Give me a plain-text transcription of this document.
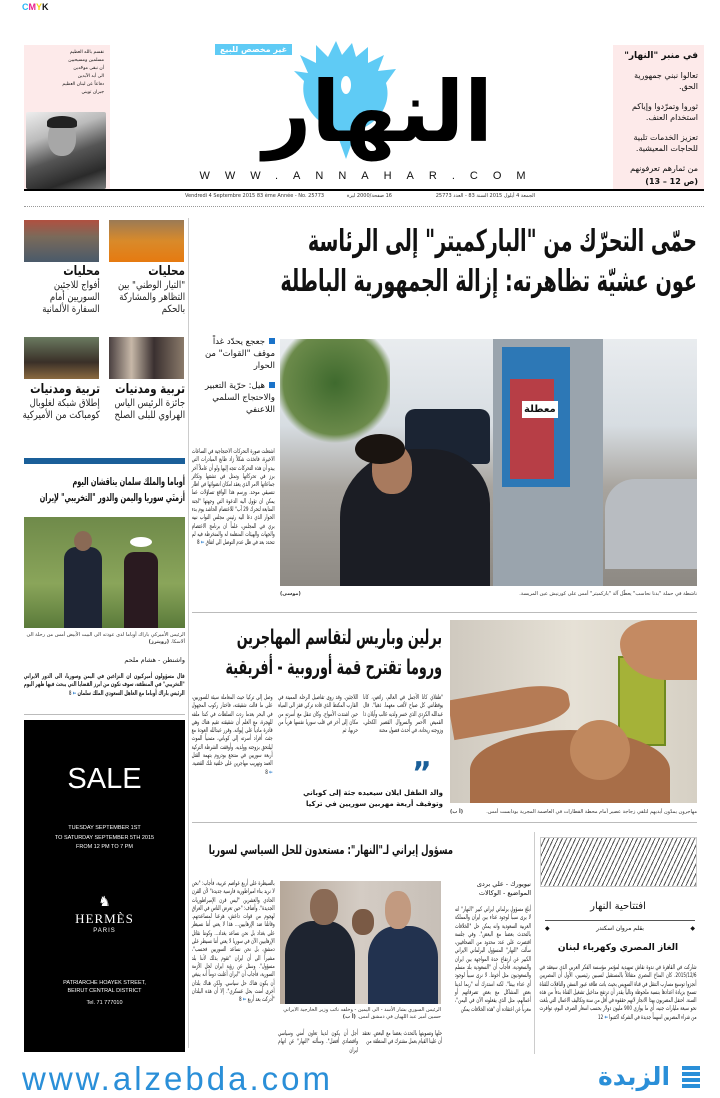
CMYK
نقسم بالله العظيم
مسلمين ومسيحيين
أن نبقى موحّدين
الى أبد الآبدين
دفاعاً عن لبنان العظيم
جبران تويني	النهار
غير مخصص للبيع
WWW.ANNAHAR.COM
في منبر "النهار"

تعالوا نبني جمهورية الحق.

ثوروا وتمرّدوا وإياكم استخدام العنف.

تعزيز الخدمات تلبية للحاجات المعيشية.

من ثمارهم تعرفونهم

(ص 12 – 13)
Vendredi 4 Septembre 2015 83 ème Année - No. 25773	16 صفحة/2000 ليرة	الجمعة 4 أيلول 2015 السنة 83 - العدد 25773
محليات
"التيار الوطني" بين التظاهر والمشاركة بالحكم
محليات
أفواج للاجئين السوريين أمام السفارة الألمانية
تربية ومدنيات
جائزة الرئيس الياس الهراوي للبلى الصلح
تربية ومدنيات
إطلاق شبكة لغلوبال كومباكت من الأميركية
أوباما والملك سلمان يناقشان اليوم
أزمتَي سوريا واليمن والدور "التخريبي" لإيران
الرئيس الأميركي باراك أوباما لدى عودته الى البيت الأبيض أمس من رحلة الى ألاسكا. (رويترز)
واشنطن - هشام ملحم
قال مسؤولون أميركيون ان النزاعين في اليمن وسوريا، الى الدور الايراني "التخريبي" في المنطقة، سوف تكون من ابرز القضايا التي يبحث فيها ظهر اليوم الرئيس باراك أوباما مع العاهل السعودي الملك سلمان ← 8
SALE
TUESDAY SEPTEMBER 1ST
TO SATURDAY SEPTEMBER 5TH 2015
FROM 12 PM TO 7 PM
♞
HERMÈS
PARIS
PATRIARCHE HOAYEK STREET,
BEIRUT CENTRAL DISTRICT
Tel. 71 777010
حمّى التحرّك من "الباركميتر" إلى الرئاسة
عون عشيّة تظاهرته: إزالة الجمهورية الباطلة
جعجع يحدّد غداً موقف "القوات" من الحوار
هيل: حرّية التعبير والاحتجاج السلمي اللاعنفي
اشتعلت صورة التحركات الاحتجاجية في الساعات الاخيرة، فاتخذت شكلاً زاد طابع المبادرات التي يبدو أن هذه التحركات تتجه إليها ولو أن عاملاً آخر برز في تحركاتها وتمثل في تشتتها وتكاثر جماعاتها الامر الذي يعقد امكان انضوائها في اطار تنسيقي موحد. ورسم هذا الواقع تساؤلات عما يمكن ان تؤول اليه الدعوة التي وجهتها "لجنة المتابعة لتحرك 29 آب" للاعتصام الحاشد يوم بدء الحوار الذي دعا اليه رئيس مجلس النواب نبيه بري في المجلس، علماً ان برنامج الاعتصام والجهات والهيئات المنظمة له والمنخرطة فيه لم تتحدد بعد في ظل عدم التوصل الى اتفاق ← 8
معطلة
ناشطة في حملة "بدنا نحاسب" يعطّل آلة "باركميتر" أمس على كورنيش عين المريسة.
(موسى)
برلين وباريس لتقاسم المهاجرين
وروما تقترح قمة أوروبية - أفريقية
"طفلاي كانا الأجمل في العالم، رائعين، كانا يوقظانني كل صباح لألعب معهما. ذهبا". قال عبدالله الكردي الذي خسر ولديه غالب وآيلان ذا القميص الأحمر والسروال القصير الكحلي، وزوجته ريحانة، في أحدث فصول محنة
اللاجئين. وقد روى تفاصيل الرحلة المميتة في القارب المكتظ الذي قاده تركي قفز الى المياه حين اشتدت الأمواج. وكان تنقل مع أسرته من مكان إلى آخر في قلب سوريا نفسها هرباً من حربها، ثم
وصل إلى تركيا حيث المعاملة سيئة للسوريين، على ما قالت شقيقته، فاختار ركوب المجهول في البحر بعدما ردت السلطات في كندا ملفه للهجرة، مع العلم أن شقيقته تقيم هناك وهي قادرة مادياً على إيوائه. وقرر عبدالله العودة مع جثث أفراد أسرته إلى كوباني، متمنياً الموت ليلتحق بزوجته وولديه. وأوقفت الشرطة التركية أربعة سوريين في منتجع بودروم بتهمة القتل العمد وتهريب مهاجرين على خلفية تلك القضية. ← 8	”
والد الطفل ايلان سيعيده جثة إلى كوباني وتوقيف أربعة مهربين سوريين في تركيا
مهاجرون يمدّون أيديهم لتلقي زجاجة عصير أمام محطة القطارات في العاصمة المجرية بودابست أمس.
(أ ب)
مسؤول إيراني لـ"النهار": مستعدون للحل السياسي لسوريا
نيويورك - علي بردى المواضيع - الوكالات
أبلغ مسؤول برلماني ايراني كبير "النهار" انه لا يرى سبباً لوجود عداء بين ايران والمملكة العربية السعودية وانه يمكن حل "الخلافات بالتحدث بعضنا مع البعض". وفي جلسة اقتصرت على عدد محدود من الصحافيين، سألت "النهار" المسؤول البرلماني الايراني الكبير عن ارتفاع حدة المواجهة بين ايران والسعودية، فأجاب أن "السعودية بلد مسلم والسعوديون مثل أخوتنا. لا نرى سبباً لوجود أي عداء بيننا". لكنه استدرك أنه "ربما لدينا بعض المشاكل مع بعض تصرفاتهم أو أعمالهم، مثل الذي يفعلونه الآن في اليمن"، معرباً عن اعتقاده أن "هذه الخلافات يمكن
الرئيس السوري بشار الأسد - الى اليمين - وخلفه نائب وزير الخارجية الايراني حسين أمير عبد اللهيان في دمشق أمس. (أ ب)
حلها وتسويتها بالتحدث بعضنا مع البعض. نعتقد أن علينا القيام بعمل مشترك في المنطقة من
أجل أن يكون لدينا تعاون أمني وسياسي واقتصادي أفضل". وسألته "النهار" عن اتهام ايران
بالسيطرة على أربع عواصم عربية، فأجاب: "نحن لا نريد بناء امبراطورية فارسية جديدة" لأن القرن الحادي والعشرين "ليس قرن الإمبراطوريات الجديدة". وأضاف: "حين تعرض الناس في العراق لهجوم من قوات داعش، هرعنا لمساعدتهم. وقاتلنا ضد الإرهابيين... هذا لا يعني أننا نسيطر على بغداد بل نحن نساعد بغداد... وكوننا نقاتل الإرهابيين الآن في سوريا لا يعني أننا نسيطر على دمشق، بل نحن نساعد السوريين فحسب"، مشيراً الى أن ايران "تقوم بذلك لأننا بلد مسؤول". وسئل عن رؤية ايران لحل الأزمة السورية، فأجاب أن "ايران أعلنت دوماً أنه ينبغي أن يكون هناك حل سياسي. ولكن هناك بلدان أخرى أمنت بحل عسكري". إلا أن هذه البلدان "أدركت بعد أربع ← 8
افتتاحية النهار
◆	بقلم مروان اسكندر	◆
الغاز المصري وكهرباء لبنان
شاركت في القاهرة في ندوة نقاش تمهيدية لمؤتمر مؤسسة الفكر العربي الذي سيعقد في 2015/12/6. كان المناخ المصري متفائلاً بالمستقبل لسببين رئيسيين، الأول أن المصريين أنجزوا توسيع مسارب التنقل في قناة السويس بحيث باتت طاقة عبور السفن والناقلات للقناة تسمح بزيادة اعدادها بنسبة ملحوظة وتالياً يقدر أن ترتفع مداخيل تشغيل القناة بدءاً من هذه السنة. احتفل المصريون بهذا الانجاز لانهم حققوه في أقل من سنة وتكاليف الاعمال التي بلغت نحو سبعة مليارات جنيه، أي ما يوازي 900 مليون دولار بحسب اسعار الصرف اليوم، توافرت من شراء المصريين اسهماً جديدة في الشركة اكتتبوا ← 12
www.alzebda.com	الزبدة
